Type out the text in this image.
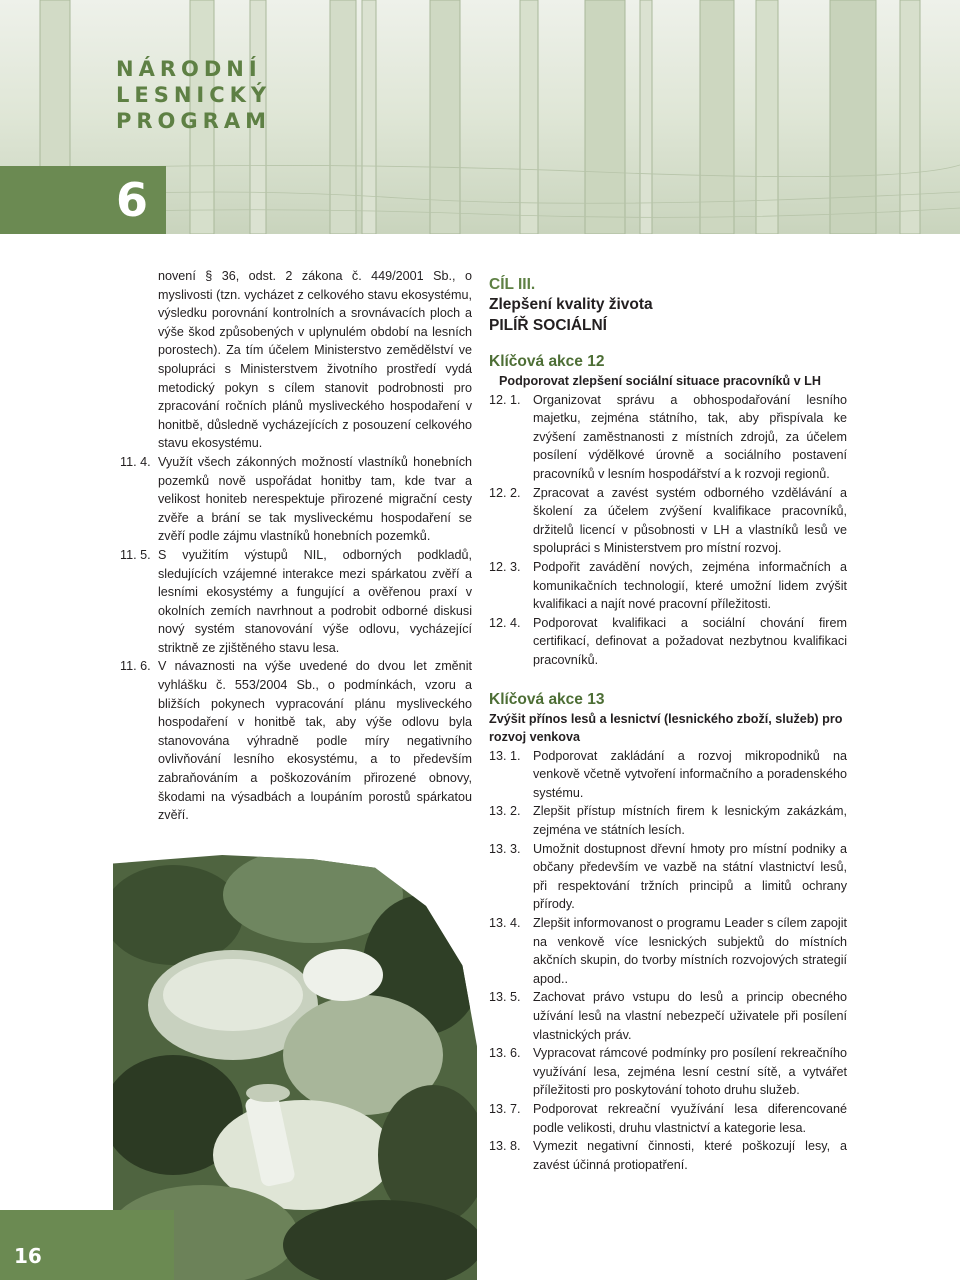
NÁRODNÍ
LESNICKÝ
PROGRAM
6

novení § 36, odst. 2 zákona č. 449/2001 Sb., o myslivosti (tzn. vycházet z celkového stavu ekosystému, výsledku porovnání kontrolních a srovnávacích ploch a výše škod způsobených v uplynulém období na lesních porostech). Za tím účelem Ministerstvo zemědělství ve spolupráci s Ministerstvem životního prostředí vydá metodický pokyn s cílem stanovit podrobnosti pro zpracování ročních plánů mysliveckého hospodaření v honitbě, důsledně vycházejících z posouzení celkového stavu ekosystému.

11. 4. Využít všech zákonných možností vlastníků honebních pozemků nově uspořádat honitby tam, kde tvar a velikost honiteb nerespektuje přirozené migrační cesty zvěře a brání se tak mysliveckému hospodaření se zvěří podle zájmu vlastníků honebních pozemků.
11. 5. S využitím výstupů NIL, odborných podkladů, sledujících vzájemné interakce mezi spárkatou zvěří a lesními ekosystémy a fungující a ověřenou praxí v okolních zemích navrhnout a podrobit odborné diskusi nový systém stanovování výše odlovu, vycházející striktně ze zjištěného stavu lesa.
11. 6. V návaznosti na výše uvedené do dvou let změnit vyhlášku č. 553/2004 Sb., o podmínkách, vzoru a bližších pokynech vypracování plánu mysliveckého hospodaření v honitbě tak, aby výše odlovu byla stanovována výhradně podle míry negativního ovlivňování lesního ekosystému, a to především zabraňováním a poškozováním přirozené obnovy, škodami na výsadbách a loupáním porostů spárkatou zvěří.

CÍL III.

Zlepšení kvality života

PILÍŘ SOCIÁLNÍ

Klíčová akce 12

Podporovat zlepšení sociální situace pracovníků v LH

12. 1. Organizovat správu a obhospodařování lesního majetku, zejména státního, tak, aby přispívala ke zvýšení zaměstnanosti z místních zdrojů, za účelem posílení výdělkové úrovně a sociálního postavení pracovníků v lesním hospodářství a k rozvoji regionů.
12. 2. Zpracovat a zavést systém odborného vzdělávání a školení za účelem zvýšení kvalifikace pracovníků, držitelů licencí v působnosti v LH a vlastníků lesů ve spolupráci s Ministerstvem pro místní rozvoj.
12. 3. Podpořit zavádění nových, zejména informačních a komunikačních technologií, které umožní lidem zvýšit kvalifikaci a najít nové pracovní příležitosti.
12. 4. Podporovat kvalifikaci a sociální chování firem certifikací, definovat a požadovat nezbytnou kvalifikaci pracovníků.

Klíčová akce 13

Zvýšit přínos lesů a lesnictví (lesnického zboží, služeb) pro rozvoj venkova

13. 1. Podporovat zakládání a rozvoj mikropodniků na venkově včetně vytvoření informačního a poradenského systému.
13. 2. Zlepšit přístup místních firem k lesnickým zakázkám, zejména ve státních lesích.
13. 3. Umožnit dostupnost dřevní hmoty pro místní podniky a občany především ve vazbě na státní vlastnictví lesů, při respektování tržních principů a limitů ochrany přírody.
13. 4. Zlepšit informovanost o programu Leader s cílem zapojit na venkově více lesnických subjektů do místních akčních skupin, do tvorby místních rozvojových strategií apod..
13. 5. Zachovat právo vstupu do lesů a princip obecného užívání lesů na vlastní nebezpečí uživatele při posílení vlastnických práv.
13. 6. Vypracovat rámcové podmínky pro posílení rekreačního využívání lesa, zejména lesní cestní sítě, a vytvářet příležitosti pro poskytování tohoto druhu služeb.
13. 7. Podporovat rekreační využívání lesa diferencované podle velikosti, druhu vlastnictví a kategorie lesa.
13. 8. Vymezit negativní činnosti, které poškozují lesy, a zavést účinná protiopatření.
16
